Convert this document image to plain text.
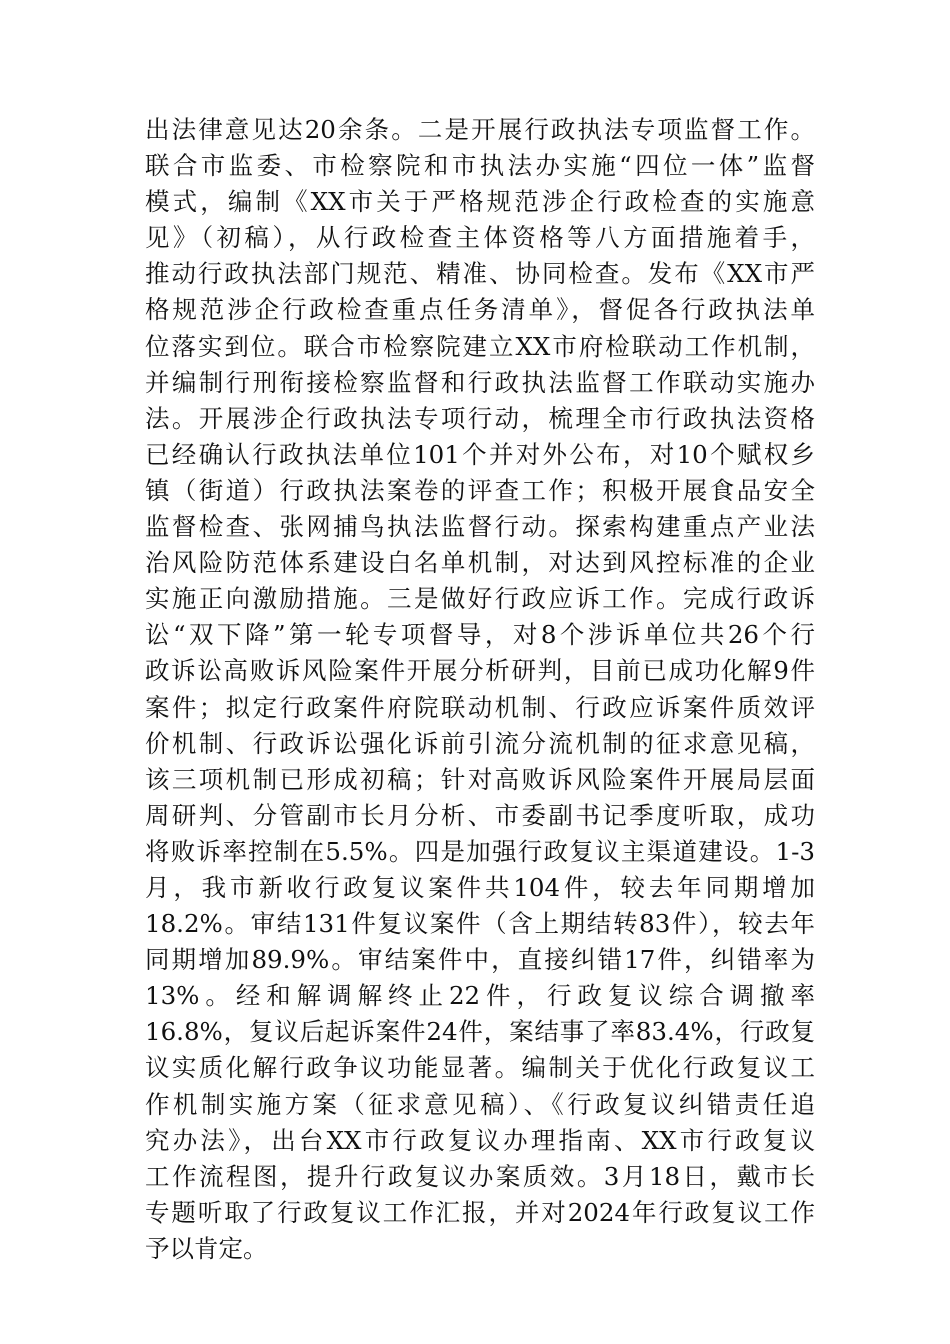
出法律意见达20余条。二是开展行政执法专项监督工作。
联合市监委、市检察院和市执法办实施“四位一体”监督
模式，编制《XX市关于严格规范涉企行政检查的实施意
见》（初稿），从行政检查主体资格等八方面措施着手，
推动行政执法部门规范、精准、协同检查。发布《XX市严
格规范涉企行政检查重点任务清单》，督促各行政执法单
位落实到位。联合市检察院建立XX市府检联动工作机制，
并编制行刑衔接检察监督和行政执法监督工作联动实施办
法。开展涉企行政执法专项行动，梳理全市行政执法资格
已经确认行政执法单位101个并对外公布，对10个赋权乡
镇（街道）行政执法案卷的评查工作；积极开展食品安全
监督检查、张网捕鸟执法监督行动。探索构建重点产业法
治风险防范体系建设白名单机制，对达到风控标准的企业
实施正向激励措施。三是做好行政应诉工作。完成行政诉
讼“双下降”第一轮专项督导，对8个涉诉单位共26个行
政诉讼高败诉风险案件开展分析研判，目前已成功化解9件
案件；拟定行政案件府院联动机制、行政应诉案件质效评
价机制、行政诉讼强化诉前引流分流机制的征求意见稿，
该三项机制已形成初稿；针对高败诉风险案件开展局层面
周研判、分管副市长月分析、市委副书记季度听取，成功
将败诉率控制在5.5%。四是加强行政复议主渠道建设。1-3
月，我市新收行政复议案件共104件，较去年同期增加
18.2%。审结131件复议案件（含上期结转83件），较去年
同期增加89.9%。审结案件中，直接纠错17件，纠错率为
13%。经和解调解终止22件，行政复议综合调撤率
16.8%，复议后起诉案件24件，案结事了率83.4%，行政复
议实质化解行政争议功能显著。编制关于优化行政复议工
作机制实施方案（征求意见稿）、《行政复议纠错责任追
究办法》，出台XX市行政复议办理指南、XX市行政复议
工作流程图，提升行政复议办案质效。3月18日，戴市长
专题听取了行政复议工作汇报，并对2024年行政复议工作
予以肯定。
